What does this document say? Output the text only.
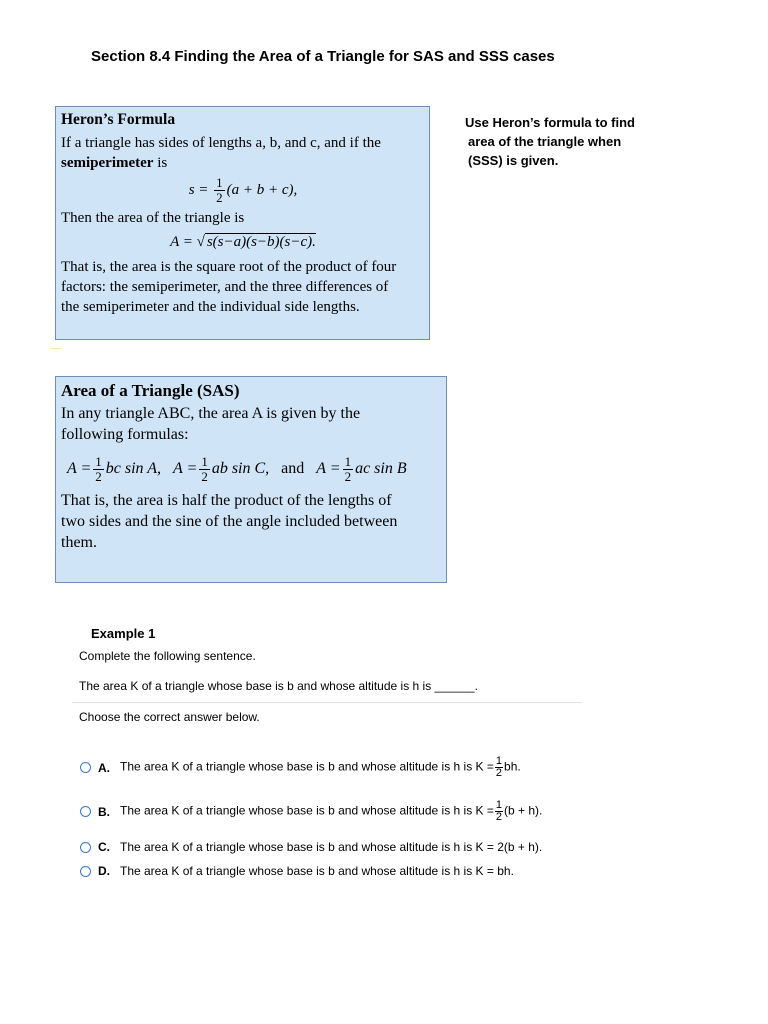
Section 8.4 Finding the Area of a Triangle for SAS and SSS cases
Use Heron’s formula to find
area of the triangle when
(SSS) is given.
Heron’s Formula
If a triangle has sides of lengths a, b, and c, and if the
semiperimeter is
$s = \frac{1}{2} (a + b + c)$,
Then the area of the triangle is
A = √ s(s−a)(s−b)(s−c).
That is, the area is the square root of the product of four
factors: the semiperimeter, and the three differences of
the semiperimeter and the individual side lengths.
Area of a Triangle (SAS)
In any triangle ABC, the area A is given by the
following formulas:
$A = \frac{1}{2}$ bc sin A, $A = \frac{1}{2}$ ab sin C, and $A = \frac{1}{2}$ ac sin B
That is, the area is half the product of the lengths of
two sides and the sine of the angle included between
them.
Example 1
Complete the following sentence.
The area K of a triangle whose base is b and whose altitude is h is ______.
Choose the correct answer below.
A. The area K of a triangle whose base is b and whose altitude is h is $K = \frac{1}{2}$ bh.
B. The area K of a triangle whose base is b and whose altitude is h is $K = \frac{1}{2} (b + h)$.
C. The area K of a triangle whose base is b and whose altitude is h is K = 2(b + h).
D. The area K of a triangle whose base is b and whose altitude is h is K = bh.
